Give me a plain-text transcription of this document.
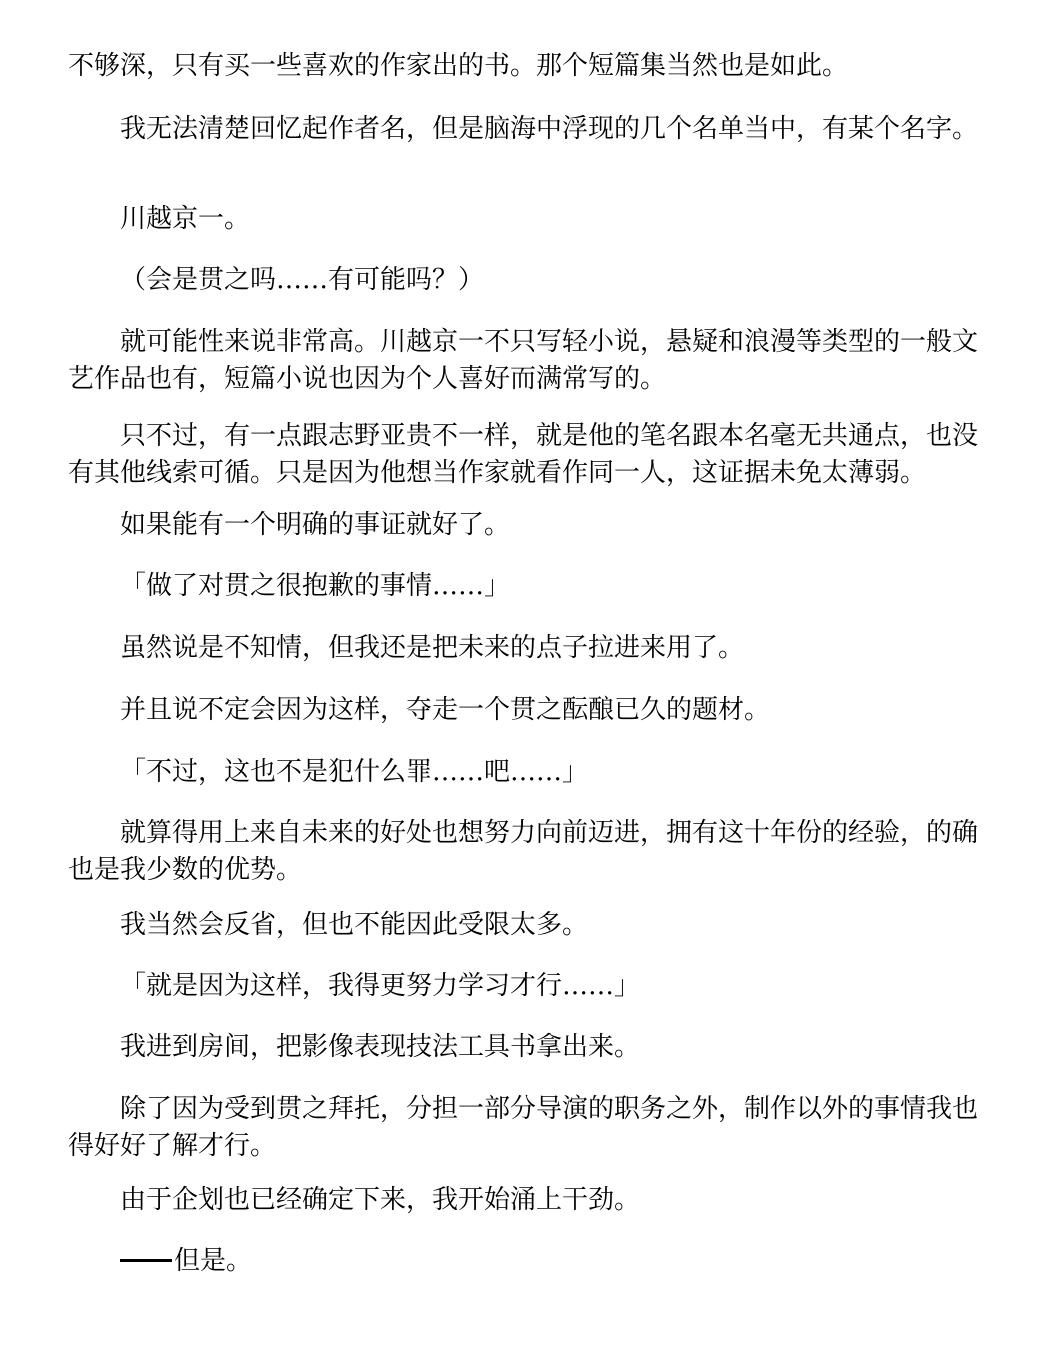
不够深，只有买一些喜欢的作家出的书。那个短篇集当然也是如此。

我无法清楚回忆起作者名，但是脑海中浮现的几个名单当中，有某个名字。

川越京一。

（会是贯之吗……有可能吗？）

就可能性来说非常高。川越京一不只写轻小说，悬疑和浪漫等类型的一般文艺作品也有，短篇小说也因为个人喜好而满常写的。

只不过，有一点跟志野亚贵不一样，就是他的笔名跟本名毫无共通点，也没有其他线索可循。只是因为他想当作家就看作同一人，这证据未免太薄弱。

如果能有一个明确的事证就好了。

「做了对贯之很抱歉的事情……」

虽然说是不知情，但我还是把未来的点子拉进来用了。

并且说不定会因为这样，夺走一个贯之酝酿已久的题材。

「不过，这也不是犯什么罪……吧……」

就算得用上来自未来的好处也想努力向前迈进，拥有这十年份的经验，的确也是我少数的优势。

我当然会反省，但也不能因此受限太多。

「就是因为这样，我得更努力学习才行……」

我进到房间，把影像表现技法工具书拿出来。

除了因为受到贯之拜托，分担一部分导演的职务之外，制作以外的事情我也得好好了解才行。

由于企划也已经确定下来，我开始涌上干劲。

但是。
